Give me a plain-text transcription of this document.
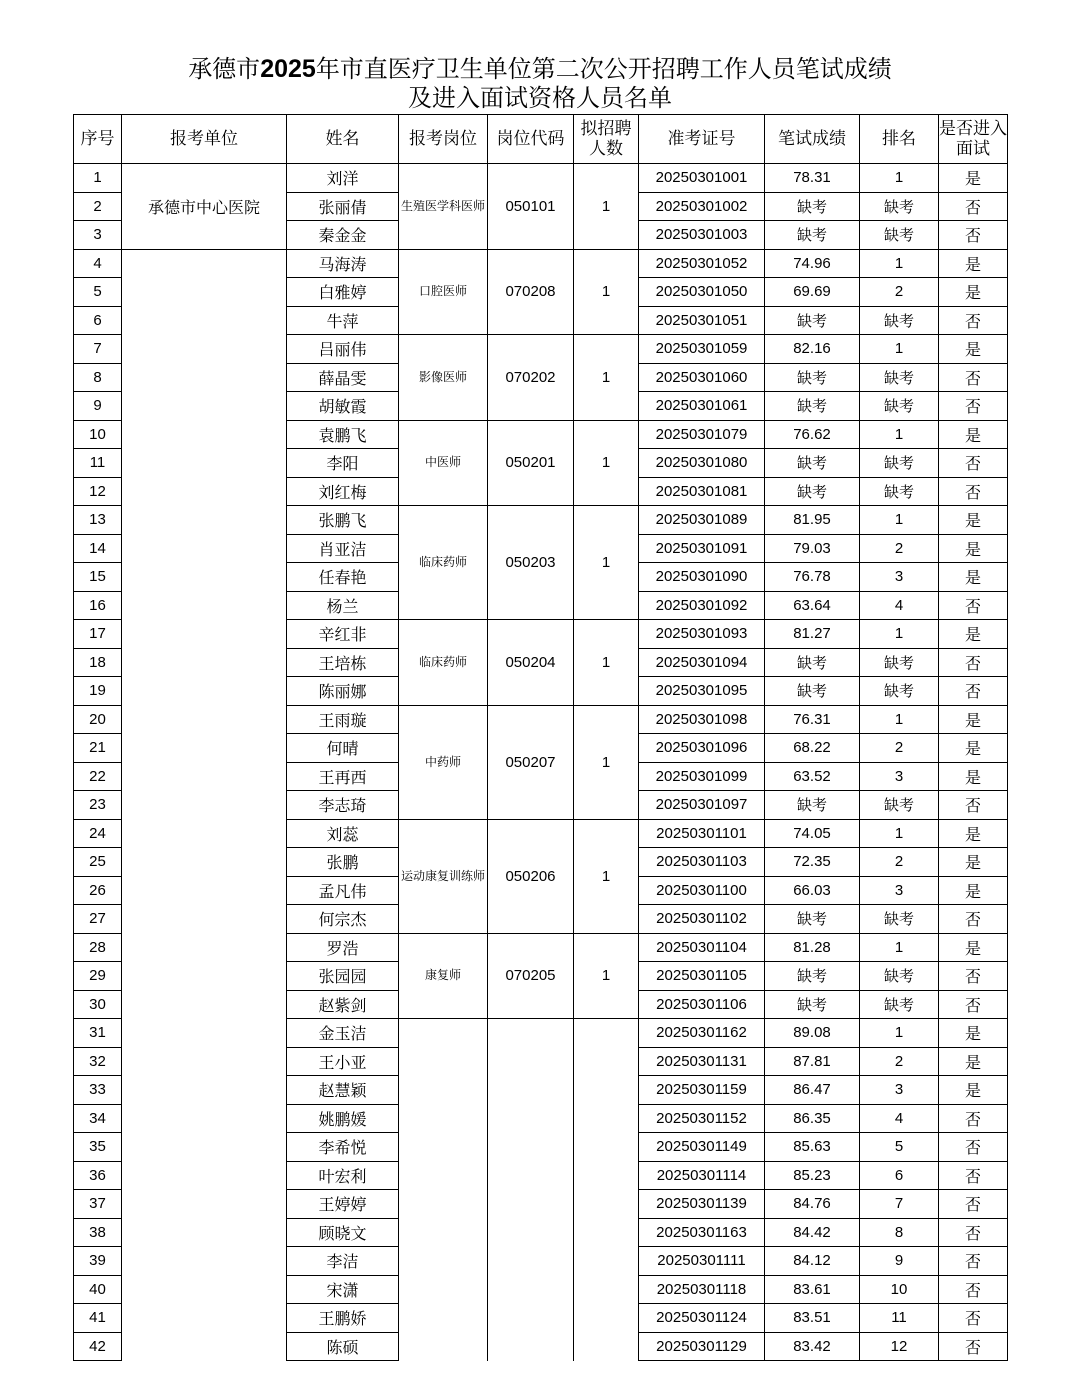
承德市2025年市直医疗卫生单位第二次公开招聘工作人员笔试成绩
及进入面试资格人员名单
序号	报考单位	姓名	报考岗位	岗位代码	拟招聘人数	准考证号	笔试成绩	排名	是否进入面试
1	承德市中心医院	刘洋	生殖医学科医师	050101	1	20250301001	78.31	1	是
2		张丽倩				20250301002	缺考	缺考	否
3		秦金金				20250301003	缺考	缺考	否
4		马海涛	口腔医师	070208	1	20250301052	74.96	1	是
5		白雅婷				20250301050	69.69	2	是
6		牛萍				20250301051	缺考	缺考	否
7		吕丽伟	影像医师	070202	1	20250301059	82.16	1	是
8		薛晶雯				20250301060	缺考	缺考	否
9		胡敏霞				20250301061	缺考	缺考	否
10		袁鹏飞	中医师	050201	1	20250301079	76.62	1	是
11		李阳				20250301080	缺考	缺考	否
12		刘红梅				20250301081	缺考	缺考	否
13		张鹏飞	临床药师	050203	1	20250301089	81.95	1	是
14		肖亚洁				20250301091	79.03	2	是
15		任春艳				20250301090	76.78	3	是
16		杨兰				20250301092	63.64	4	否
17		辛红非	临床药师	050204	1	20250301093	81.27	1	是
18		王培栋				20250301094	缺考	缺考	否
19		陈丽娜				20250301095	缺考	缺考	否
20		王雨璇	中药师	050207	1	20250301098	76.31	1	是
21		何晴				20250301096	68.22	2	是
22		王再西				20250301099	63.52	3	是
23		李志琦				20250301097	缺考	缺考	否
24		刘蕊	运动康复训练师	050206	1	20250301101	74.05	1	是
25		张鹏				20250301103	72.35	2	是
26		孟凡伟				20250301100	66.03	3	是
27		何宗杰				20250301102	缺考	缺考	否
28		罗浩	康复师	070205	1	20250301104	81.28	1	是
29		张园园				20250301105	缺考	缺考	否
30		赵紫剑				20250301106	缺考	缺考	否
31		金玉洁				20250301162	89.08	1	是
32		王小亚				20250301131	87.81	2	是
33		赵慧颖				20250301159	86.47	3	是
34		姚鹏媛				20250301152	86.35	4	否
35		李希悦				20250301149	85.63	5	否
36		叶宏利				20250301114	85.23	6	否
37		王婷婷				20250301139	84.76	7	否
38		顾晓文				20250301163	84.42	8	否
39		李洁				20250301111	84.12	9	否
40		宋潇				20250301118	83.61	10	否
41		王鹏娇				20250301124	83.51	11	否
42		陈硕				20250301129	83.42	12	否
